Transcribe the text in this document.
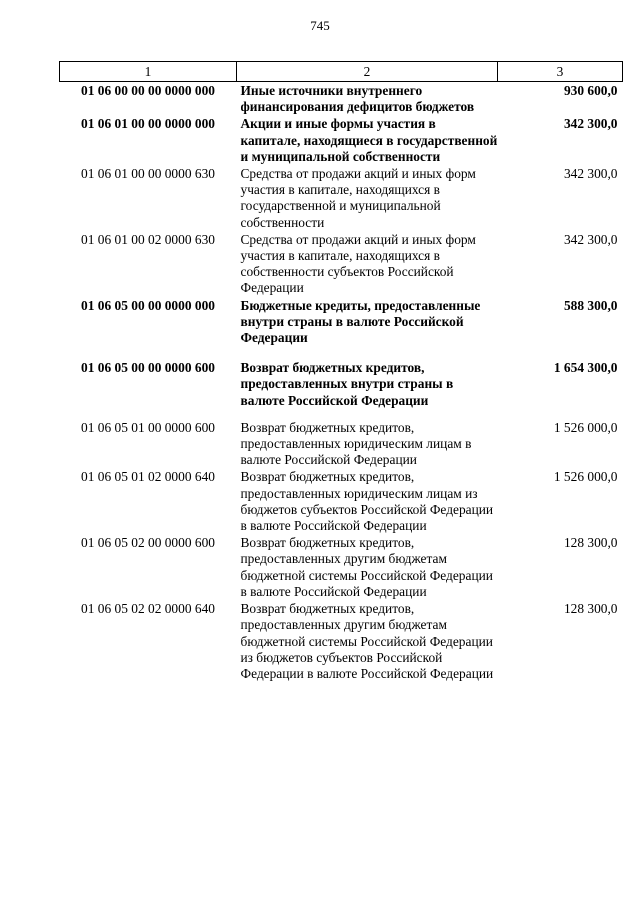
745
1	2	3
01 06 00 00 00 0000 000	Иные источники внутреннего финансирования дефицитов бюджетов	930 600,0
01 06 01 00 00 0000 000	Акции и иные формы участия в капитале, находящиеся в государственной и муниципальной собственности	342 300,0
01 06 01 00 00 0000 630	Средства от продажи акций и иных форм участия в капитале, находящихся в государственной и муниципальной собственности	342 300,0
01 06 01 00 02 0000 630	Средства от продажи акций и иных форм участия в капитале, находящихся в собственности субъектов Российской Федерации	342 300,0
01 06 05 00 00 0000 000	Бюджетные кредиты, предоставленные внутри страны в валюте Российской Федерации	588 300,0
01 06 05 00 00 0000 600	Возврат бюджетных кредитов, предоставленных внутри страны в валюте Российской Федерации	1 654 300,0
01 06 05 01 00 0000 600	Возврат бюджетных кредитов, предоставленных юридическим лицам в валюте Российской Федерации	1 526 000,0
01 06 05 01 02 0000 640	Возврат бюджетных кредитов, предоставленных юридическим лицам из бюджетов субъектов Российской Федерации в валюте Российской Федерации	1 526 000,0
01 06 05 02 00 0000 600	Возврат бюджетных кредитов, предоставленных другим бюджетам бюджетной системы Российской Федерации в валюте Российской Федерации	128 300,0
01 06 05 02 02 0000 640	Возврат бюджетных кредитов, предоставленных другим бюджетам бюджетной системы Российской Федерации из бюджетов субъектов Российской Федерации в валюте Российской Федерации	128 300,0
